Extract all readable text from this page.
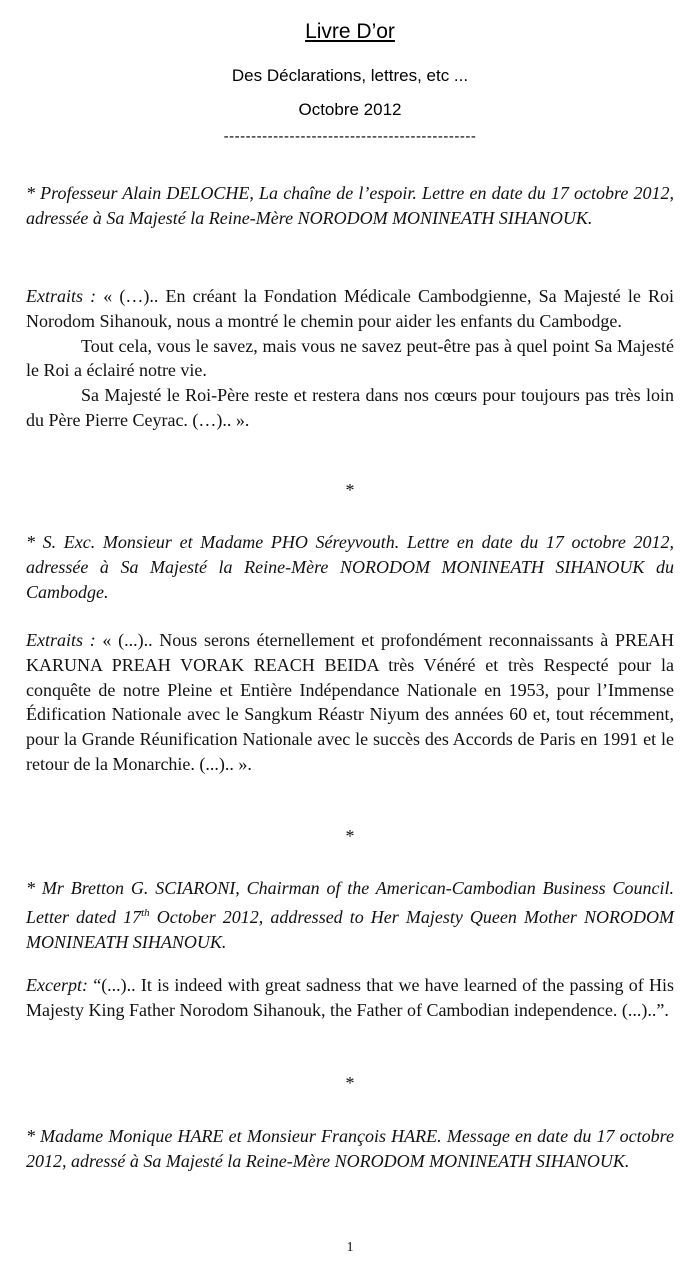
Livre D’or
Des Déclarations, lettres, etc ...
Octobre 2012
----------------------------------------------

* Professeur Alain DELOCHE, La chaîne de l’espoir. Lettre en date du 17 octobre 2012, adressée à Sa Majesté la Reine-Mère NORODOM MONINEATH SIHANOUK.

Extraits : « (…).. En créant la Fondation Médicale Cambodgienne, Sa Majesté le Roi Norodom Sihanouk, nous a montré le chemin pour aider les enfants du Cambodge.

Tout cela, vous le savez, mais vous ne savez peut-être pas à quel point Sa Majesté le Roi a éclairé notre vie.

Sa Majesté le Roi-Père reste et restera dans nos cœurs pour toujours pas très loin du Père Pierre Ceyrac. (…).. ».

*

* S. Exc. Monsieur et Madame PHO Séreyvouth. Lettre en date du 17 octobre 2012, adressée à Sa Majesté la Reine-Mère NORODOM MONINEATH SIHANOUK du Cambodge.

Extraits : « (...).. Nous serons éternellement et profondément reconnaissants à PREAH KARUNA PREAH VORAK REACH BEIDA très Vénéré et très Respecté pour la conquête de notre Pleine et Entière Indépendance Nationale en 1953, pour l’Immense Édification Nationale avec le Sangkum Réastr Niyum des années 60 et, tout récemment, pour la Grande Réunification Nationale avec le succès des Accords de Paris en 1991 et le retour de la Monarchie. (...).. ».

*

* Mr Bretton G. SCIARONI, Chairman of the American-Cambodian Business Council. Letter dated 17th October 2012, addressed to Her Majesty Queen Mother NORODOM MONINEATH SIHANOUK.

Excerpt: “(...).. It is indeed with great sadness that we have learned of the passing of His Majesty King Father Norodom Sihanouk, the Father of Cambodian independence. (...)..”.

*

* Madame Monique HARE et Monsieur François HARE. Message en date du 17 octobre 2012, adressé à Sa Majesté la Reine-Mère NORODOM MONINEATH SIHANOUK.

1
